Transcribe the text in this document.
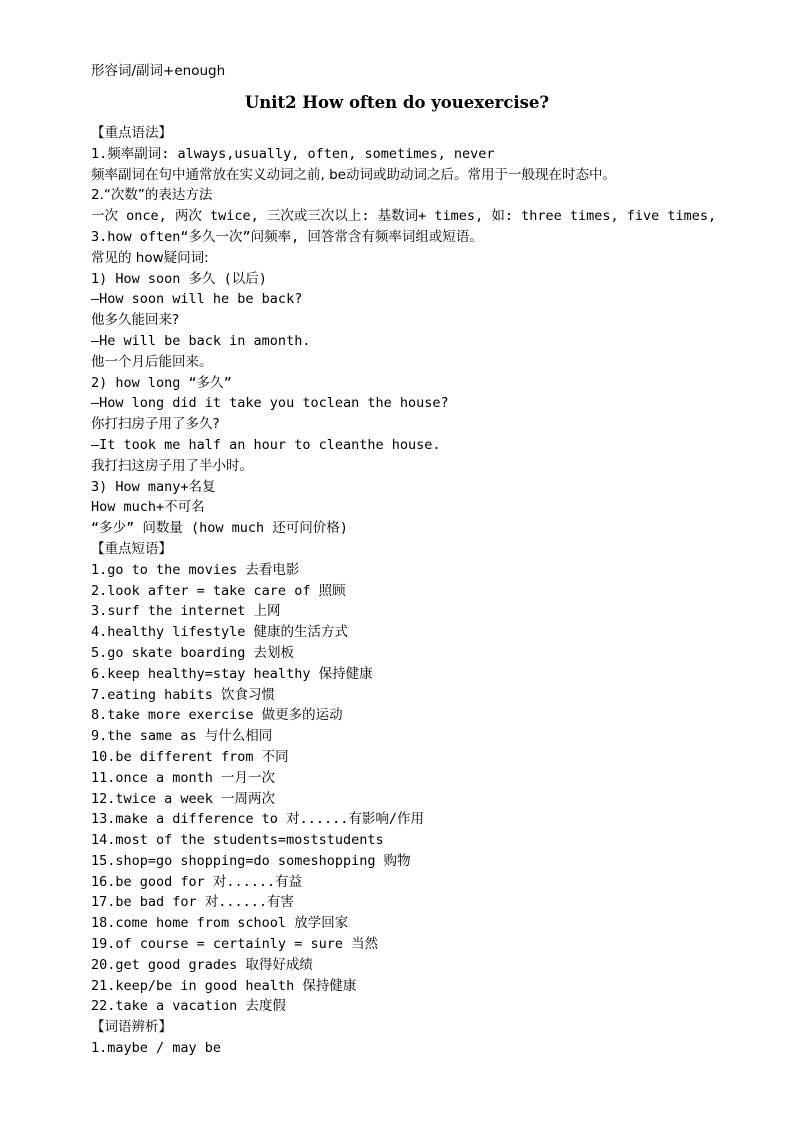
形容词/副词+enough
Unit2 How often do youexercise?
【重点语法】
1.频率副词: always,usually, often, sometimes, never
频率副词在句中通常放在实义动词之前, be动词或助动词之后。常用于一般现在时态中。
2.“次数”的表达方法
一次 once, 两次 twice, 三次或三次以上: 基数词+ times, 如: three times, five times,
3.how often“多久一次”问频率, 回答常含有频率词组或短语。
常见的 how疑问词:
1) How soon 多久 (以后)
—How soon will he be back?
他多久能回来?
—He will be back in amonth.
他一个月后能回来。
2) how long “多久”
—How long did it take you toclean the house?
你打扫房子用了多久?
—It took me half an hour to cleanthe house.
我打扫这房子用了半小时。
3) How many+名复
How much+不可名
“多少” 问数量 (how much 还可问价格)
【重点短语】
1.go to the movies 去看电影
2.look after = take care of 照顾
3.surf the internet 上网
4.healthy lifestyle 健康的生活方式
5.go skate boarding 去划板
6.keep healthy=stay healthy 保持健康
7.eating habits 饮食习惯
8.take more exercise 做更多的运动
9.the same as 与什么相同
10.be different from 不同
11.once a month 一月一次
12.twice a week 一周两次
13.make a difference to 对......有影响/作用
14.most of the students=moststudents
15.shop=go shopping=do someshopping 购物
16.be good for 对......有益
17.be bad for 对......有害
18.come home from school 放学回家
19.of course = certainly = sure 当然
20.get good grades 取得好成绩
21.keep/be in good health 保持健康
22.take a vacation 去度假
【词语辨析】
1.maybe / may be
